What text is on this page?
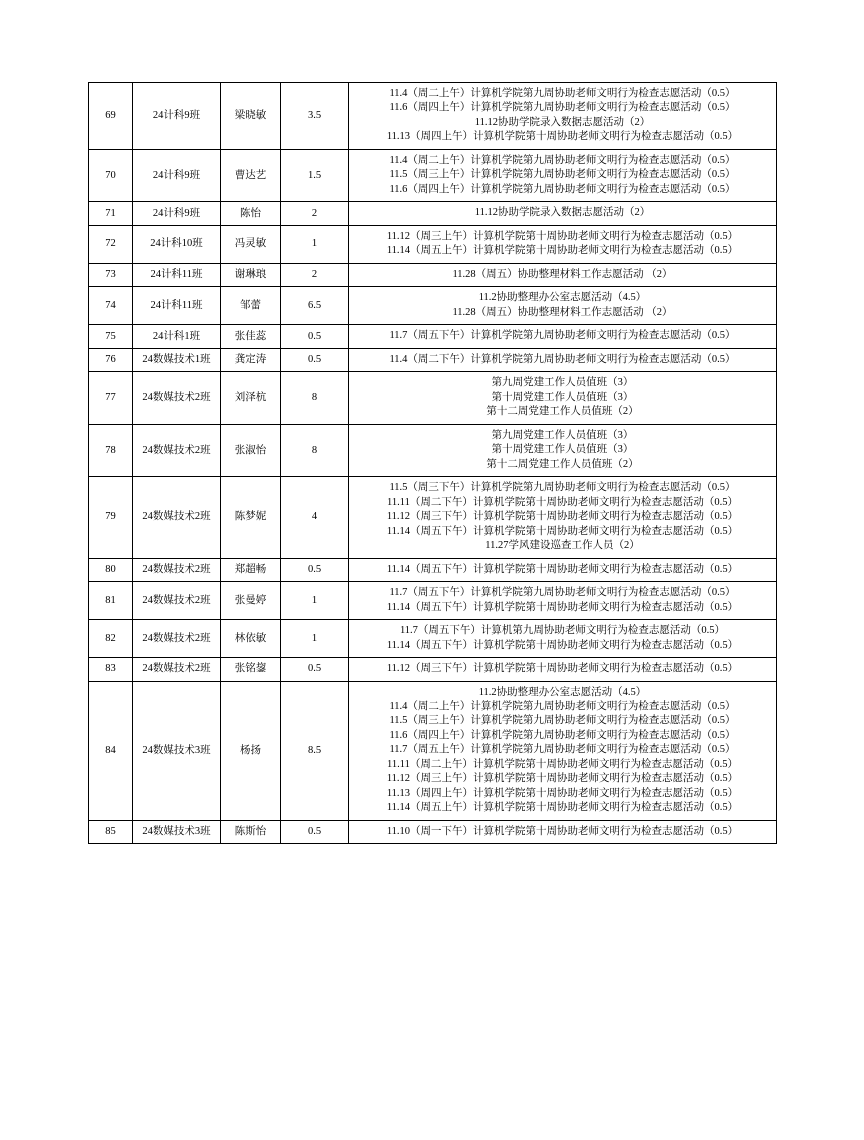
69	24计科9班	梁晓敏	3.5	11.4（周二上午）计算机学院第九周协助老师文明行为检查志愿活动（0.5）
11.6（周四上午）计算机学院第九周协助老师文明行为检查志愿活动（0.5）
11.12协助学院录入数据志愿活动（2）
11.13（周四上午）计算机学院第十周协助老师文明行为检查志愿活动（0.5）

70	24计科9班	曹达艺	1.5	11.4（周二上午）计算机学院第九周协助老师文明行为检查志愿活动（0.5）
11.5（周三上午）计算机学院第九周协助老师文明行为检查志愿活动（0.5）
11.6（周四上午）计算机学院第九周协助老师文明行为检查志愿活动（0.5）

71	24计科9班	陈怡	2	11.12协助学院录入数据志愿活动（2）

72	24计科10班	冯灵敏	1	11.12（周三上午）计算机学院第十周协助老师文明行为检查志愿活动（0.5）
11.14（周五上午）计算机学院第十周协助老师文明行为检查志愿活动（0.5）

73	24计科11班	谢琳琅	2	11.28（周五）协助整理材料工作志愿活动 （2）

74	24计科11班	邹蕾	6.5	11.2协助整理办公室志愿活动（4.5）
11.28（周五）协助整理材料工作志愿活动 （2）

75	24计科1班	张佳蕊	0.5	11.7（周五下午）计算机学院第九周协助老师文明行为检查志愿活动（0.5）

76	24数媒技术1班	龚定涛	0.5	11.4（周二下午）计算机学院第九周协助老师文明行为检查志愿活动（0.5）

77	24数媒技术2班	刘泽杭	8	第九周党建工作人员值班（3）
第十周党建工作人员值班（3）
第十二周党建工作人员值班（2）

78	24数媒技术2班	张淑怡	8	第九周党建工作人员值班（3）
第十周党建工作人员值班（3）
第十二周党建工作人员值班（2）

79	24数媒技术2班	陈梦妮	4	11.5（周三下午）计算机学院第九周协助老师文明行为检查志愿活动（0.5）
11.11（周二下午）计算机学院第十周协助老师文明行为检查志愿活动（0.5）
11.12（周三下午）计算机学院第十周协助老师文明行为检查志愿活动（0.5）
11.14（周五下午）计算机学院第十周协助老师文明行为检查志愿活动（0.5）
11.27学风建设巡查工作人员（2）

80	24数媒技术2班	郑超畅	0.5	11.14（周五下午）计算机学院第十周协助老师文明行为检查志愿活动（0.5）

81	24数媒技术2班	张曼婷	1	11.7（周五下午）计算机学院第九周协助老师文明行为检查志愿活动（0.5）
11.14（周五下午）计算机学院第十周协助老师文明行为检查志愿活动（0.5）

82	24数媒技术2班	林依敏	1	11.7（周五下午）计算机第九周协助老师文明行为检查志愿活动（0.5）
11.14（周五下午）计算机学院第十周协助老师文明行为检查志愿活动（0.5）

83	24数媒技术2班	张铭鋆	0.5	11.12（周三下午）计算机学院第十周协助老师文明行为检查志愿活动（0.5）

84	24数媒技术3班	杨扬	8.5	
11.2协助整理办公室志愿活动（4.5）
11.4（周二上午）计算机学院第九周协助老师文明行为检查志愿活动（0.5）
11.5（周三上午）计算机学院第九周协助老师文明行为检查志愿活动（0.5）
11.6（周四上午）计算机学院第九周协助老师文明行为检查志愿活动（0.5）
11.7（周五上午）计算机学院第九周协助老师文明行为检查志愿活动（0.5）
11.11（周二上午）计算机学院第十周协助老师文明行为检查志愿活动（0.5）
11.12（周三上午）计算机学院第十周协助老师文明行为检查志愿活动（0.5）
11.13（周四上午）计算机学院第十周协助老师文明行为检查志愿活动（0.5）
11.14（周五上午）计算机学院第十周协助老师文明行为检查志愿活动（0.5）

85	24数媒技术3班	陈斯怡	0.5	11.10（周一下午）计算机学院第十周协助老师文明行为检查志愿活动（0.5）
